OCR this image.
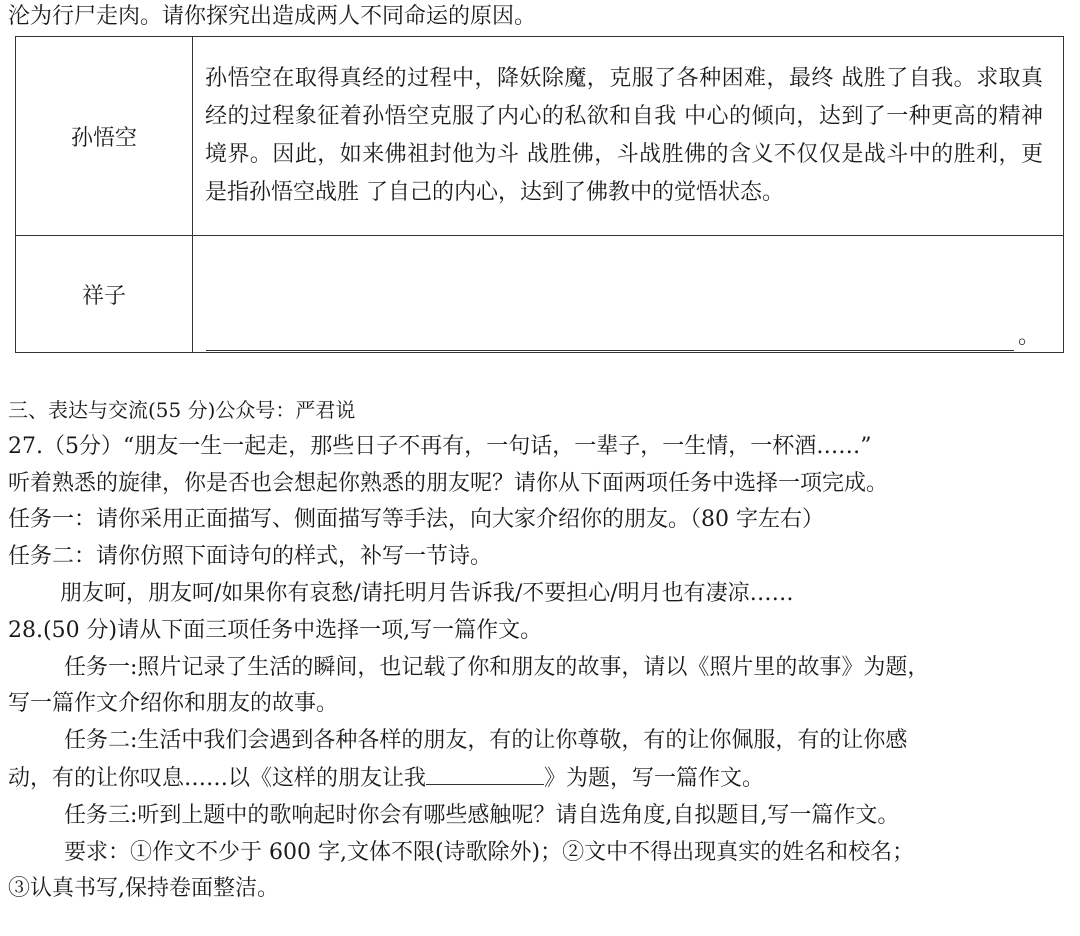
沦为行尸走肉。请你探究出造成两人不同命运的原因。
孙悟空	孙悟空在取得真经的过程中，降妖除魔，克服了各种困难，最终 战胜了自我。求取真经的过程象征着孙悟空克服了内心的私欲和自我 中心的倾向，达到了一种更高的精神境界。因此，如来佛祖封他为斗 战胜佛，斗战胜佛的含义不仅仅是战斗中的胜利，更是指孙悟空战胜 了自己的内心，达到了佛教中的觉悟状态。
祥子	。
三、表达与交流(55 分)公众号：严君说
27.（5分）“朋友一生一起走，那些日子不再有，一句话，一辈子，一生情，一杯酒……”
听着熟悉的旋律，你是否也会想起你熟悉的朋友呢？请你从下面两项任务中选择一项完成。
任务一：请你采用正面描写、侧面描写等手法，向大家介绍你的朋友。（80 字左右）
任务二：请你仿照下面诗句的样式，补写一节诗。
朋友呵，朋友呵/如果你有哀愁/请托明月告诉我/不要担心/明月也有凄凉……
28.(50 分)请从下面三项任务中选择一项,写一篇作文。
任务一:照片记录了生活的瞬间，也记载了你和朋友的故事，请以《照片里的故事》为题，
写一篇作文介绍你和朋友的故事。
任务二:生活中我们会遇到各种各样的朋友，有的让你尊敬，有的让你佩服，有的让你感
动，有的让你叹息……以《这样的朋友让我	》为题，写一篇作文。
任务三:听到上题中的歌响起时你会有哪些感触呢？请自选角度,自拟题目,写一篇作文。
要求：①作文不少于 600 字,文体不限(诗歌除外)；②文中不得出现真实的姓名和校名；
③认真书写,保持卷面整洁。
